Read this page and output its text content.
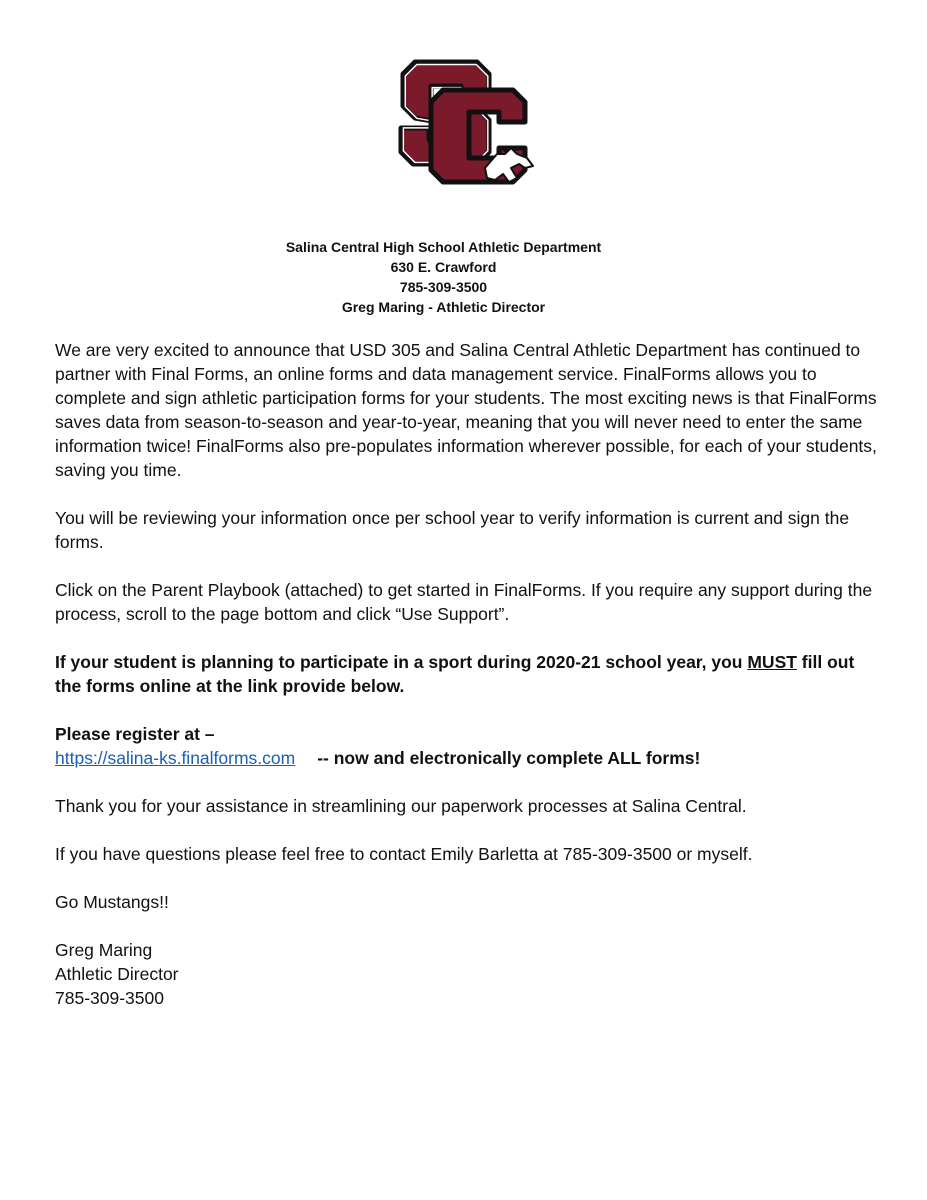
Salina Central High School Athletic Department
630 E. Crawford
785-309-3500
Greg Maring - Athletic Director

We are very excited to announce that USD 305 and Salina Central Athletic Department has continued to partner with Final Forms, an online forms and data management service. FinalForms allows you to complete and sign athletic participation forms for your students. The most exciting news is that FinalForms saves data from season-to-season and year-to-year, meaning that you will never need to enter the same information twice! FinalForms also pre-populates information wherever possible, for each of your students, saving you time.

You will be reviewing your information once per school year to verify information is current and sign the forms.

Click on the Parent Playbook (attached) to get started in FinalForms. If you require any support during the process, scroll to the page bottom and click “Use Support”.

If your student is planning to participate in a sport during 2020-21 school year, you MUST fill out the forms online at the link provide below.

Please register at –
https://salina-ks.finalforms.com -- now and electronically complete ALL forms!

Thank you for your assistance in streamlining our paperwork processes at Salina Central.

If you have questions please feel free to contact Emily Barletta at 785-309-3500 or myself.

Go Mustangs!!

Greg Maring
Athletic Director
785-309-3500
